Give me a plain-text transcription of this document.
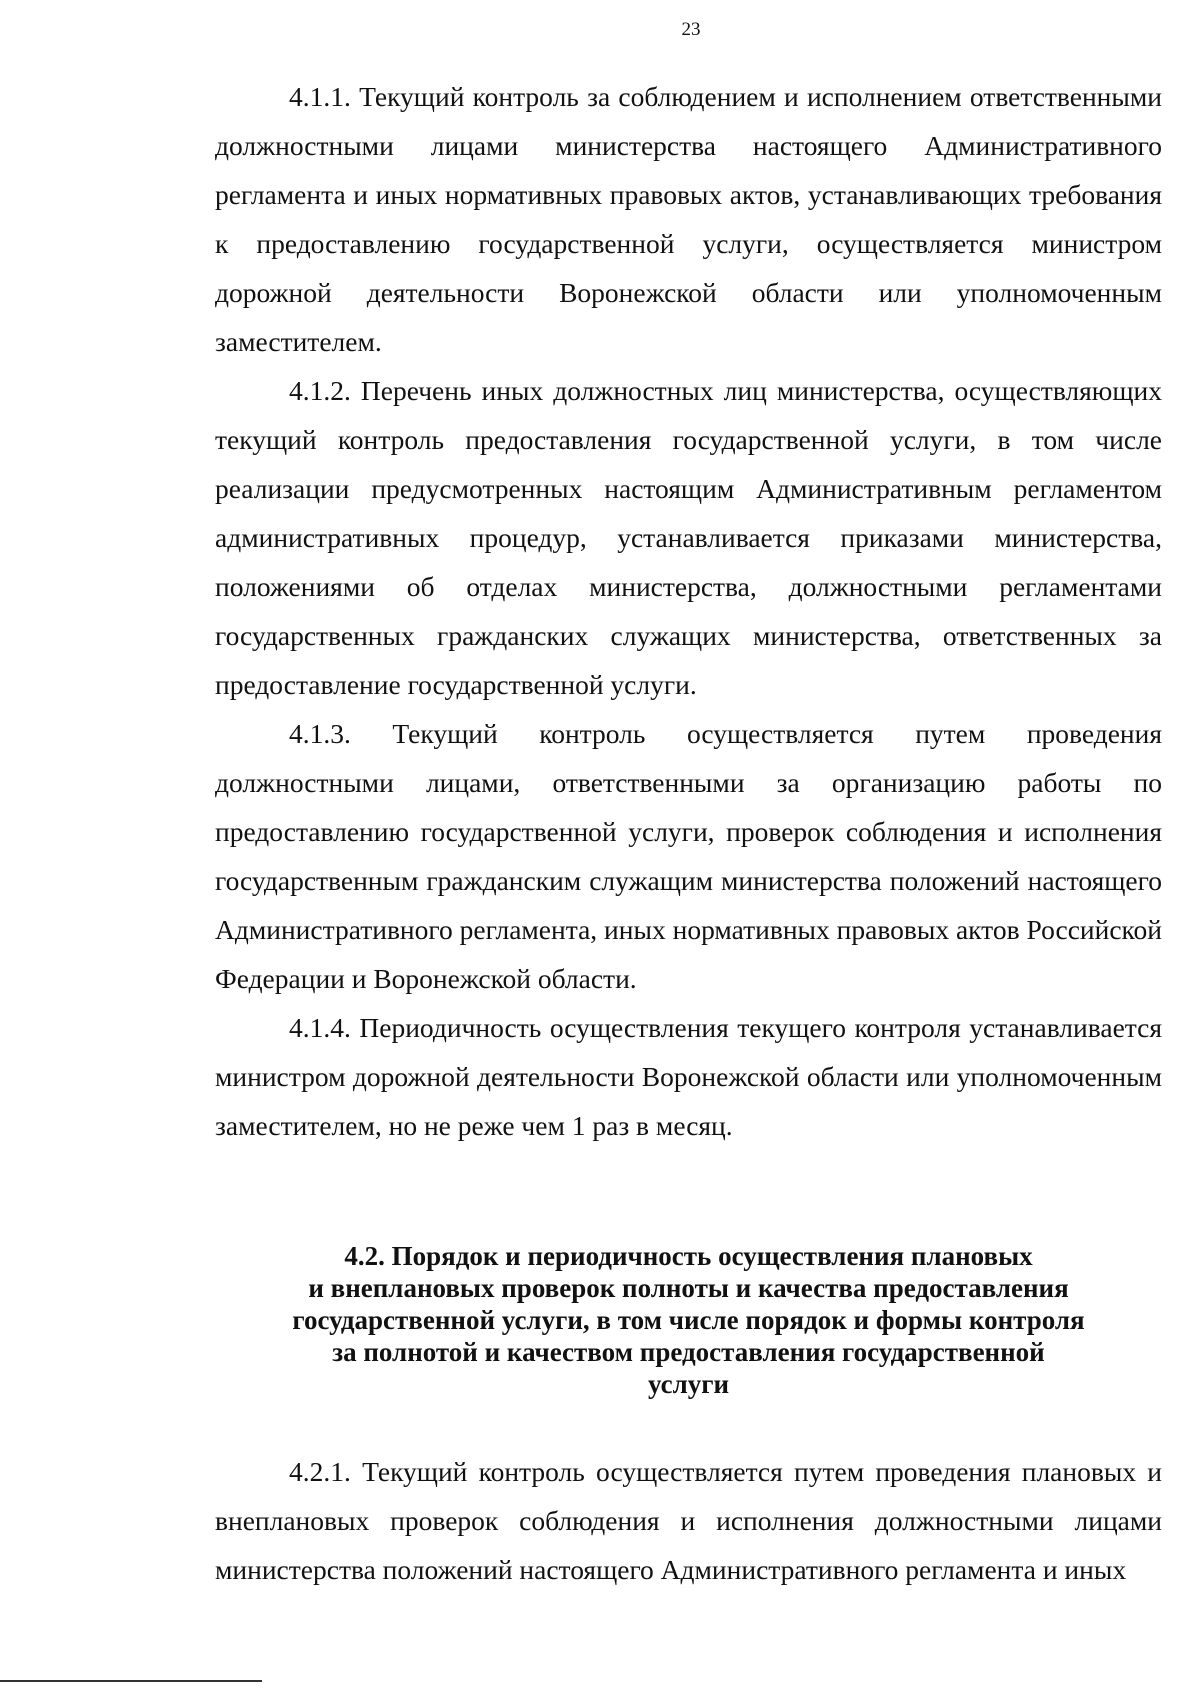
23

4.1.1. Текущий контроль за соблюдением и исполнением ответственными должностными лицами министерства настоящего Административного регламента и иных нормативных правовых актов, устанавливающих требования к предоставлению государственной услуги, осуществляется министром дорожной деятельности Воронежской области или уполномоченным заместителем.

4.1.2. Перечень иных должностных лиц министерства, осуществляющих текущий контроль предоставления государственной услуги, в том числе реализации предусмотренных настоящим Административным регламентом административных процедур, устанавливается приказами министерства, положениями об отделах министерства, должностными регламентами государственных гражданских служащих министерства, ответственных за предоставление государственной услуги.

4.1.3. Текущий контроль осуществляется путем проведения должностными лицами, ответственными за организацию работы по предоставлению государственной услуги, проверок соблюдения и исполнения государственным гражданским служащим министерства положений настоящего Административного регламента, иных нормативных правовых актов Российской Федерации и Воронежской области.

4.1.4. Периодичность осуществления текущего контроля устанавливается министром дорожной деятельности Воронежской области или уполномоченным заместителем, но не реже чем 1 раз в месяц.

4.2. Порядок и периодичность осуществления плановых
и внеплановых проверок полноты и качества предоставления
государственной услуги, в том числе порядок и формы контроля
за полнотой и качеством предоставления государственной
услуги

4.2.1. Текущий контроль осуществляется путем проведения плановых и внеплановых проверок соблюдения и исполнения должностными лицами министерства положений настоящего Административного регламента и иных
